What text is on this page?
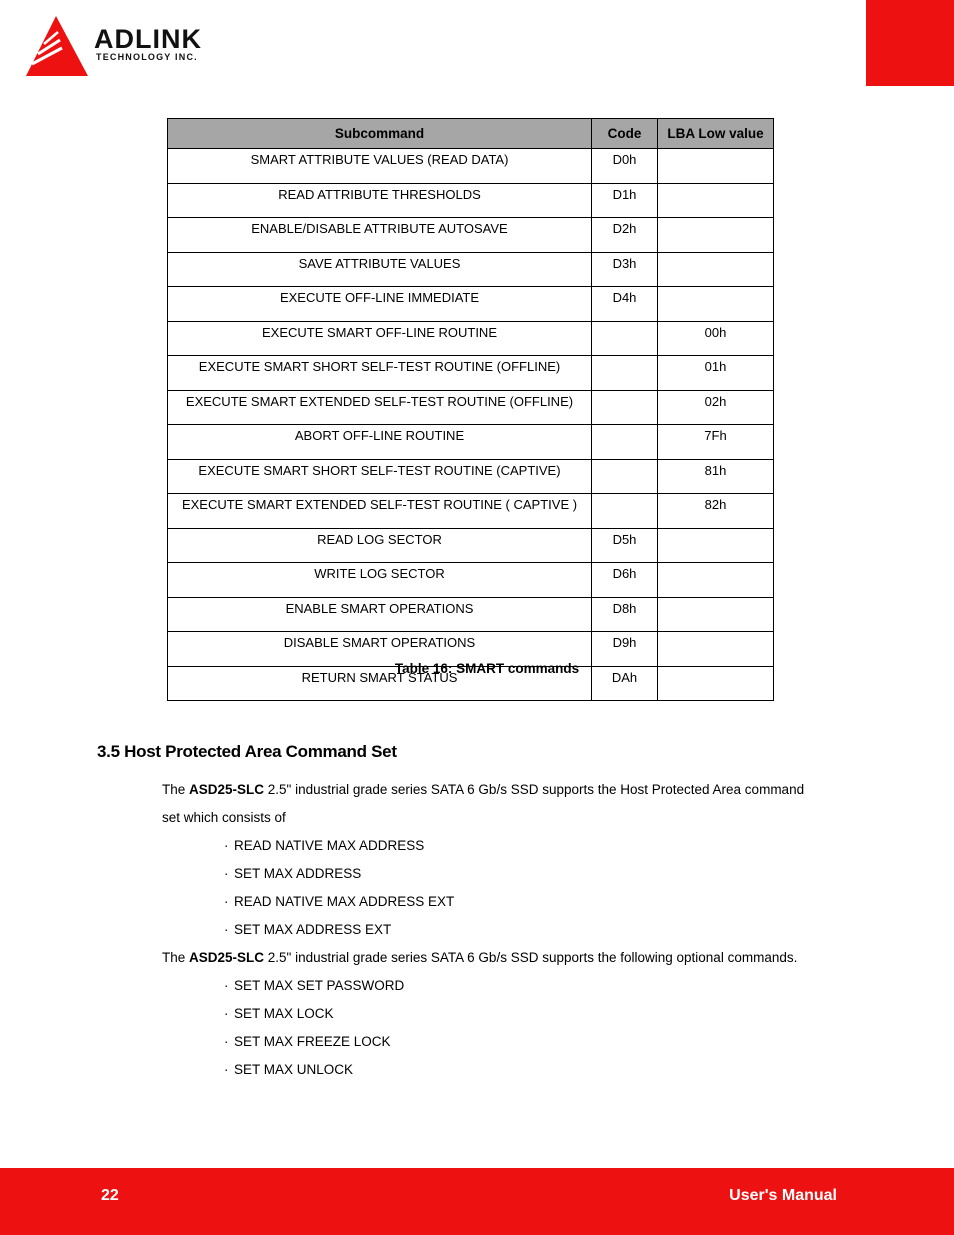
ADLINK
TECHNOLOGY INC.
Subcommand	Code	LBA Low value
SMART ATTRIBUTE VALUES (READ DATA)	D0h	
READ ATTRIBUTE THRESHOLDS	D1h	
ENABLE/DISABLE ATTRIBUTE AUTOSAVE	D2h	
SAVE ATTRIBUTE VALUES	D3h	
EXECUTE OFF-LINE IMMEDIATE	D4h	
EXECUTE SMART OFF-LINE ROUTINE		00h
EXECUTE SMART SHORT SELF-TEST ROUTINE (OFFLINE)		01h
EXECUTE SMART EXTENDED SELF-TEST ROUTINE (OFFLINE)		02h
ABORT OFF-LINE ROUTINE		7Fh
EXECUTE SMART SHORT SELF-TEST ROUTINE (CAPTIVE)		81h
EXECUTE SMART EXTENDED SELF-TEST ROUTINE ( CAPTIVE )		82h
READ LOG SECTOR	D5h	
WRITE LOG SECTOR	D6h	
ENABLE SMART OPERATIONS	D8h	
DISABLE SMART OPERATIONS	D9h	
RETURN SMART STATUS	DAh	
Table 16: SMART commands
3.5 Host Protected Area Command Set
The ASD25-SLC 2.5" industrial grade series SATA 6 Gb/s SSD supports the Host Protected Area command
set which consists of
· READ NATIVE MAX ADDRESS
· SET MAX ADDRESS
· READ NATIVE MAX ADDRESS EXT
· SET MAX ADDRESS EXT
The ASD25-SLC 2.5" industrial grade series SATA 6 Gb/s SSD supports the following optional commands.
· SET MAX SET PASSWORD
· SET MAX LOCK
· SET MAX FREEZE LOCK
· SET MAX UNLOCK
22	User's Manual
